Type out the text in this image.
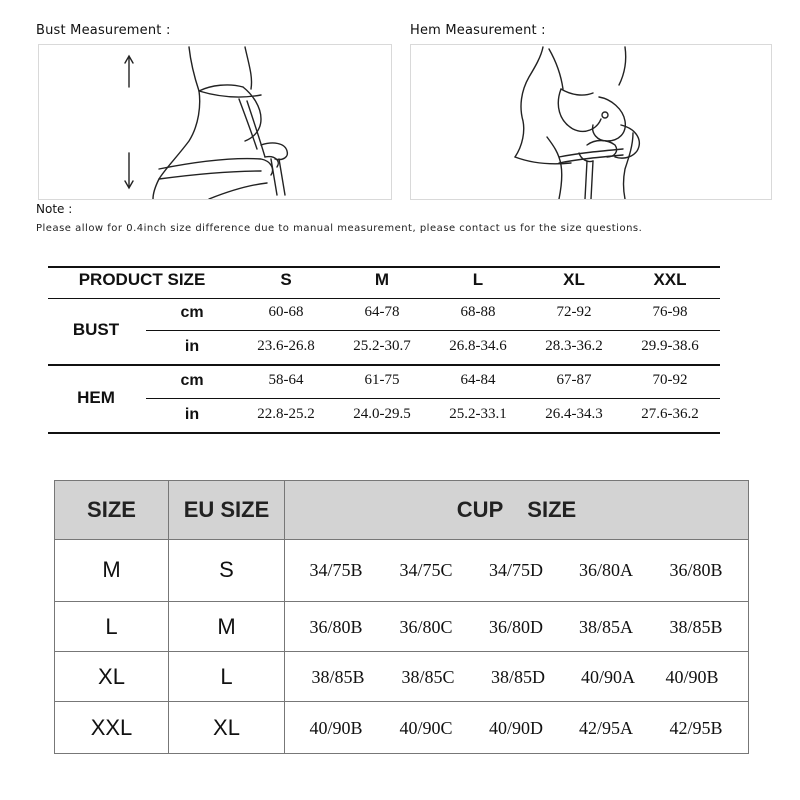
Bust Measurement :	Hem Measurement :
Note :
Please allow for 0.4inch size difference due to manual measurement, please contact us for the size questions.
PRODUCT SIZE	S	M	L	XL	XXL
BUST
cm	60-68	64-78	68-88	72-92	76-98
in	23.6-26.8	25.2-30.7	26.8-34.6	28.3-36.2	29.9-38.6
HEM
cm	58-64	61-75	64-84	67-87	70-92
in	22.8-25.2	24.0-29.5	25.2-33.1	26.4-34.3	27.6-36.2
SIZE	EU SIZE	CUP    SIZE
M	S	34/75B	34/75C	34/75D	36/80A	36/80B
L	M	36/80B	36/80C	36/80D	38/85A	38/85B
XL	L	38/85B	38/85C	38/85D	40/90A	40/90B
XXL	XL	40/90B	40/90C	40/90D	42/95A	42/95B
